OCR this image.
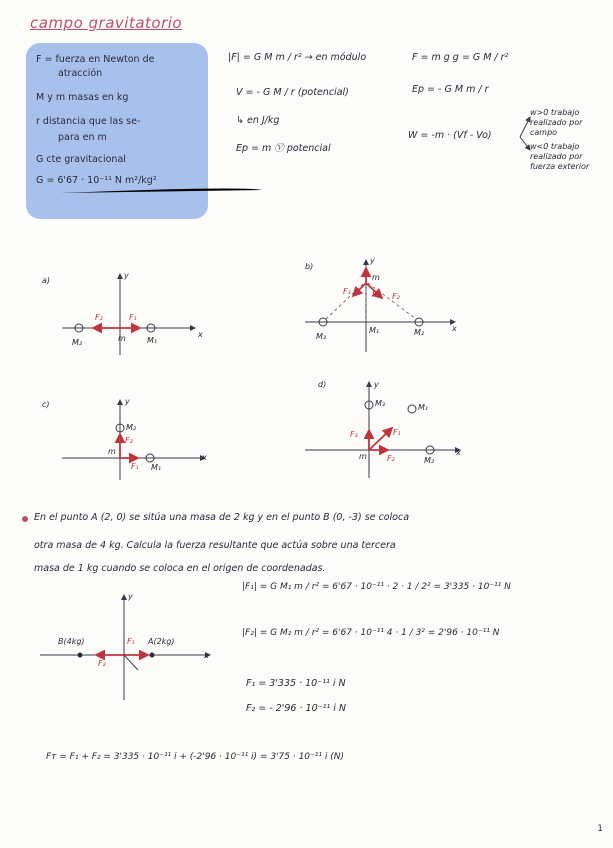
campo gravitatorio

F = fuerza en Newton de

atracción

M y m masas en kg

r distancia que las se-

para en m

G cte gravitacional

G = 6'67 · 10⁻¹¹ N m²/kg²

|F| = G M m / r² → en módulo	F = m g g = G M / r²
V = - G M / r (potencial)	Ep = - G M m / r
↳ en J/kg
Ep = m Ⓥ potencial
W = -m · (Vf - Vo)
w>0 trabajo realizado por campo
w<0 trabajo realizado por fuerza exterior
a)
y
x
m
M₂	M₁
F₂	F₁
b)
y
m
x
M₃
M₁	M₂
F₃	R F₂
c)	y
M₂
F₂
m
x
F₁ M₁
d)	y
M₃	M₁
F₃	F₁
m	F₂	M₂
x
En el punto A (2, 0) se sitúa una masa de 2 kg y en el punto B (0, -3) se coloca
otra masa de 4 kg. Calcula la fuerza resultante que actúa sobre una tercera
masa de 1 kg cuando se coloca en el origen de coordenadas.
y
B(4kg)	A(2kg)
F₁
F₂
x
|F₁| = G M₁ m / r² = 6'67 · 10⁻¹¹ · 2 · 1 / 2² = 3'335 · 10⁻¹¹ N
|F₂| = G M₂ m / r² = 6'67 · 10⁻¹¹ 4 · 1 / 3² = 2'96 · 10⁻¹¹ N
F₁ = 3'335 · 10⁻¹¹ i N
F₂ = - 2'96 · 10⁻¹¹ i N
Fᴛ = F₁ + F₂ = 3'335 · 10⁻¹¹ i + (-2'96 · 10⁻¹¹ i) = 3'75 · 10⁻¹¹ i (N)
1
